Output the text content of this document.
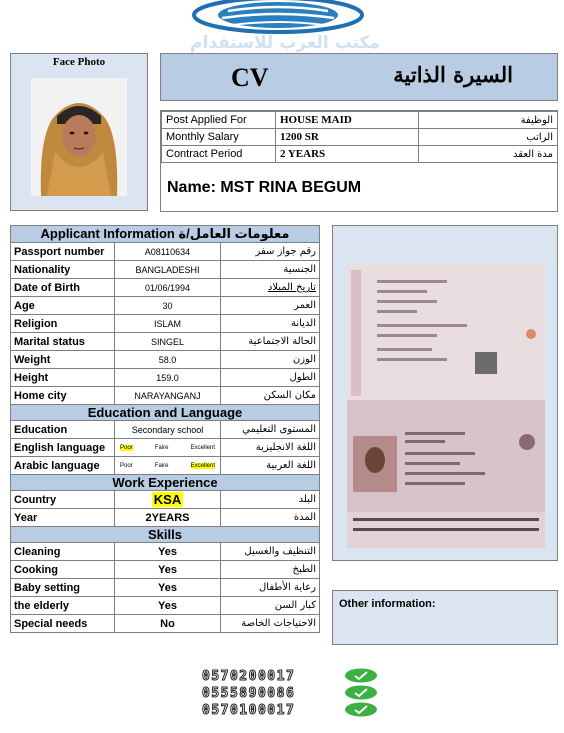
مكتب العرب للاستقدام
Face Photo
CV	السيرة الذاتية
Post Applied For	HOUSE MAID	الوظيفة
Monthly Salary	1200 SR	الراتب
Contract Period	2 YEARS	مدة العقد
Name: MST RINA BEGUM
Applicant Information معلومات العامل/ة		
Passport number	A08110634	رقم جواز سفر
Nationality	BANGLADESHI	الجنسية
Date of Birth	01/06/1994	تاريخ الميلاد
Age	30	العمر
Religion	ISLAM	الديانة
Marital status	SINGEL	الحالة الاجتماعية
Weight	58.0	الوزن
Height	159.0	الطول
Home city	NARAYANGANJ	مكان السكن
Education and Language		
Education	Secondary school	المستوى التعليمي
English language	Poor Faire Excellent	اللغة الانجليزية
Arabic language	Poor Faire Excellent	اللغة العربية
Work Experience		
Country	KSA	البلد
Year	2YEARS	المدة
Skills		
Cleaning	Yes	التنظيف والغسيل
Cooking	Yes	الطبخ
Baby setting	Yes	رعاية الأطفال
the elderly	Yes	كبار السن
Special needs	No	الاحتياجات الخاصة
Other information:
0570200017
0555890086
0570100017
